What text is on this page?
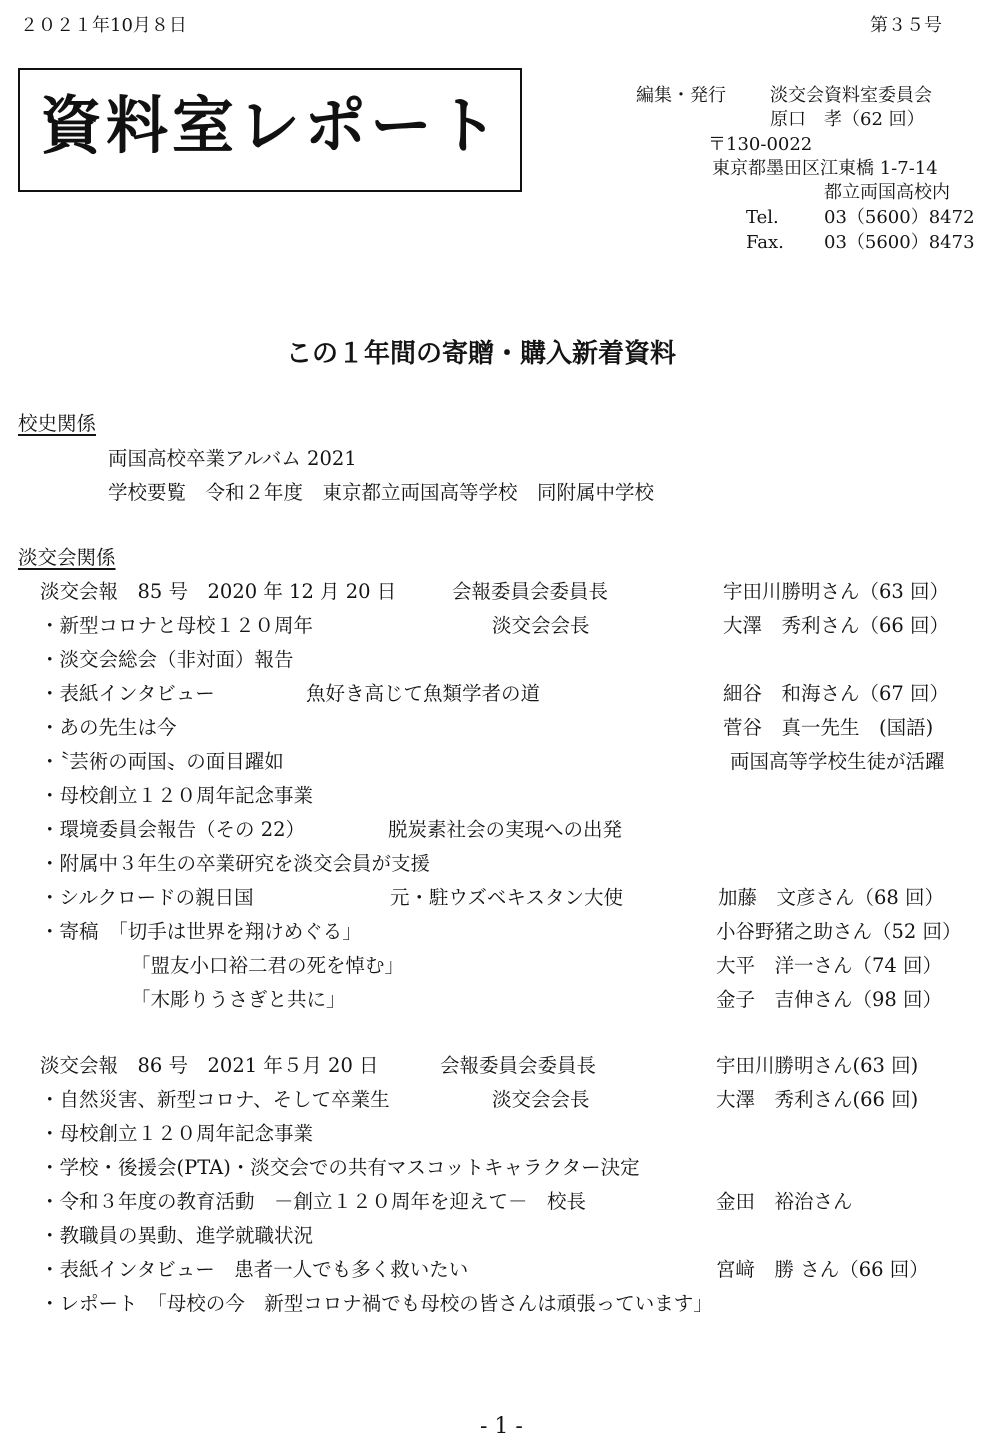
２０２１年10月８日	第３５号
資料室レポート	編集・発行 淡交会資料室委員会
原口　孝（62 回）
〒130-0022
東京都墨田区江東橋 1-7-14
都立両国高校内
Tel.	03（5600）8472
Fax. 03（5600）8473
この１年間の寄贈・購入新着資料
校史関係
両国高校卒業アルバム 2021
学校要覧　令和２年度　東京都立両国高等学校　同附属中学校
淡交会関係
淡交会報　85 号　2020 年 12 月 20 日	会報委員会委員長	宇田川勝明さん（63 回）
・新型コロナと母校１２０周年	淡交会会長	大澤　秀利さん（66 回）
・淡交会総会（非対面）報告
・表紙インタビュー	魚好き高じて魚類学者の道	細谷　和海さん（67 回）
・あの先生は今	菅谷　真一先生　(国語)
・〝芸術の両国〟の面目躍如	両国高等学校生徒が活躍
・母校創立１２０周年記念事業
・環境委員会報告（その 22）	脱炭素社会の実現への出発
・附属中３年生の卒業研究を淡交会員が支援
・シルクロードの親日国	元・駐ウズベキスタン大使	加藤　文彦さん（68 回）
・寄稿　「切手は世界を翔けめぐる」	小谷野猪之助さん（52 回）
「盟友小口裕二君の死を悼む」	大平　洋一さん（74 回）
「木彫りうさぎと共に」	金子　吉伸さん（98 回）
淡交会報　86 号　2021 年５月 20 日	会報委員会委員長	宇田川勝明さん(63 回)
・自然災害、新型コロナ、そして卒業生	淡交会会長	大澤　秀利さん(66 回)
・母校創立１２０周年記念事業
・学校・後援会(PTA)・淡交会での共有マスコットキャラクター決定
・令和３年度の教育活動　－創立１２０周年を迎えて－　校長	金田　裕治さん
・教職員の異動、進学就職状況
・表紙インタビュー　患者一人でも多く救いたい	宮﨑　勝 さん（66 回）
・レポート　「母校の今　新型コロナ禍でも母校の皆さんは頑張っています」
- 1 -
